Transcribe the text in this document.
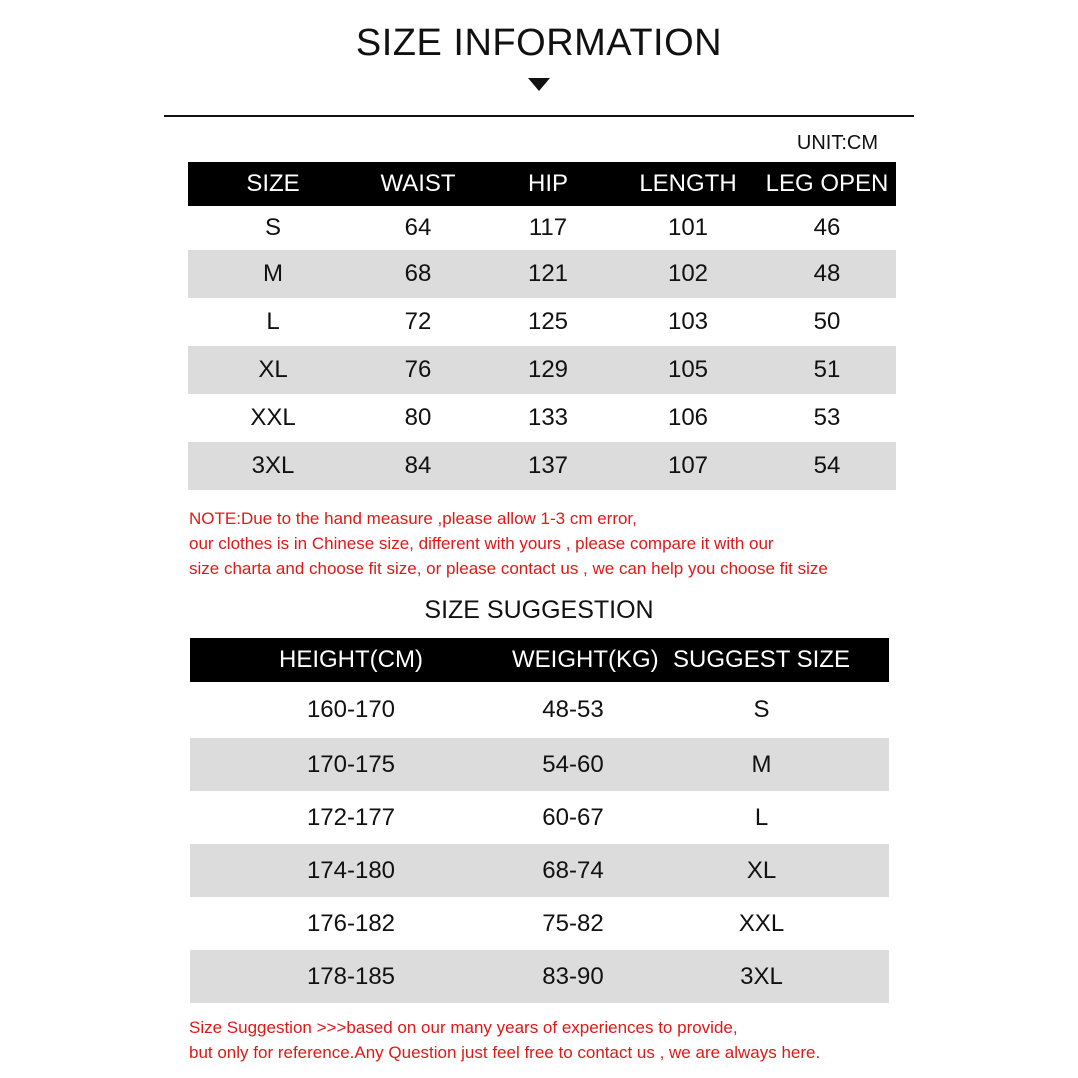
SIZE INFORMATION
UNIT:CM
SIZE	WAIST	HIP	LENGTH	LEG OPEN
S	64	117	101	46
M	68	121	102	48
L	72	125	103	50
XL	76	129	105	51
XXL	80	133	106	53
3XL	84	137	107	54
NOTE:Due to the hand measure ,please allow 1-3 cm error,
our clothes is in Chinese size, different with yours , please compare it with our
size charta and choose fit size, or please contact us , we can help you choose fit size
SIZE SUGGESTION
HEIGHT(CM)	WEIGHT(KG)	SUGGEST SIZE
160-170	48-53	S
170-175	54-60	M
172-177	60-67	L
174-180	68-74	XL
176-182	75-82	XXL
178-185	83-90	3XL
Size Suggestion >>>based on our many years of experiences to provide,
but only for reference.Any Question just feel free to contact us , we are always here.
